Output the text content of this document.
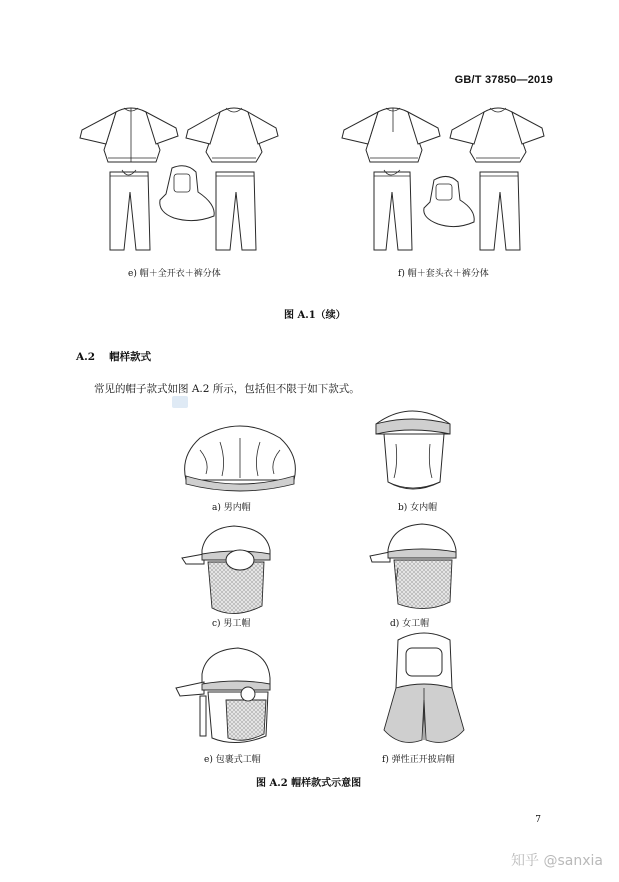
GB/T 37850—2019
e) 帽＋全开衣＋裤分体	f) 帽＋套头衣＋裤分体
图 A.1（续）
A.2 帽样款式
常见的帽子款式如图 A.2 所示，包括但不限于如下款式。
a) 男内帽	b) 女内帽
c) 男工帽	d) 女工帽
e) 包裹式工帽	f) 弹性正开披肩帽
图 A.2 帽样款式示意图
7
知乎 @sanxia
